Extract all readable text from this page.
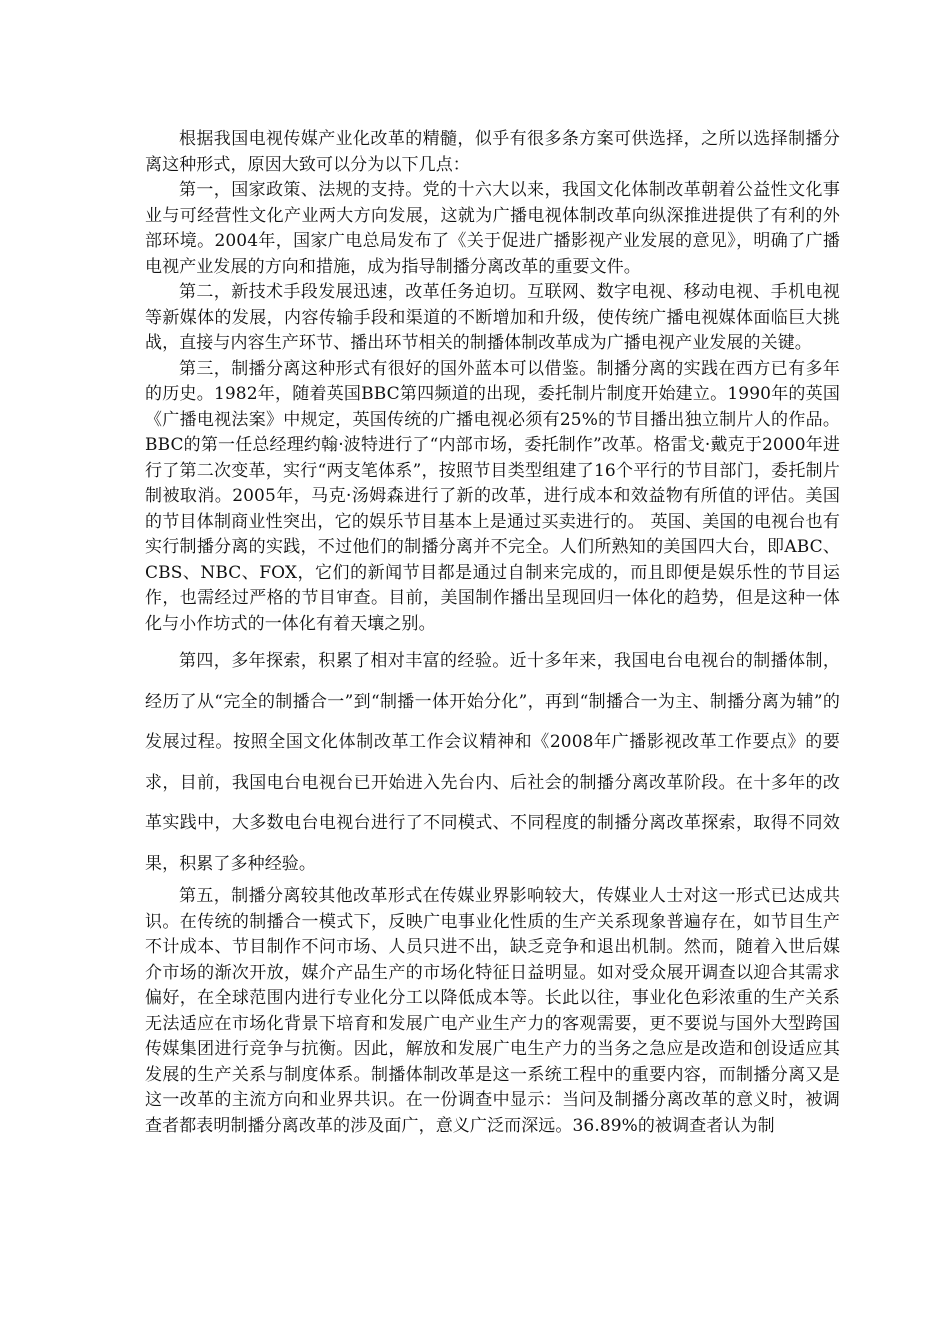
根据我国电视传媒产业化改革的精髓，似乎有很多条方案可供选择，之所以选择制播分离这种形式，原因大致可以分为以下几点：

第一，国家政策、法规的支持。党的十六大以来，我国文化体制改革朝着公益性文化事业与可经营性文化产业两大方向发展，这就为广播电视体制改革向纵深推进提供了有利的外部环境。2004年，国家广电总局发布了《关于促进广播影视产业发展的意见》，明确了广播电视产业发展的方向和措施，成为指导制播分离改革的重要文件。

第二，新技术手段发展迅速，改革任务迫切。互联网、数字电视、移动电视、手机电视等新媒体的发展，内容传输手段和渠道的不断增加和升级，使传统广播电视媒体面临巨大挑战，直接与内容生产环节、播出环节相关的制播体制改革成为广播电视产业发展的关键。

第三，制播分离这种形式有很好的国外蓝本可以借鉴。制播分离的实践在西方已有多年的历史。1982年，随着英国BBC第四频道的出现，委托制片制度开始建立。1990年的英国《广播电视法案》中规定，英国传统的广播电视必须有25%的节目播出独立制片人的作品。BBC的第一任总经理约翰·波特进行了“内部市场，委托制作”改革。格雷戈·戴克于2000年进行了第二次变革，实行“两支笔体系”，按照节目类型组建了16个平行的节目部门，委托制片制被取消。2005年，马克·汤姆森进行了新的改革，进行成本和效益物有所值的评估。美国的节目体制商业性突出，它的娱乐节目基本上是通过买卖进行的。 英国、美国的电视台也有实行制播分离的实践，不过他们的制播分离并不完全。人们所熟知的美国四大台，即ABC、CBS、NBC、FOX，它们的新闻节目都是通过自制来完成的，而且即便是娱乐性的节目运作，也需经过严格的节目审查。目前，美国制作播出呈现回归一体化的趋势，但是这种一体化与小作坊式的一体化有着天壤之别。

第四，多年探索，积累了相对丰富的经验。近十多年来，我国电台电视台的制播体制，经历了从“完全的制播合一”到“制播一体开始分化”，再到“制播合一为主、制播分离为辅”的发展过程。按照全国文化体制改革工作会议精神和《2008年广播影视改革工作要点》的要求，目前，我国电台电视台已开始进入先台内、后社会的制播分离改革阶段。在十多年的改革实践中，大多数电台电视台进行了不同模式、不同程度的制播分离改革探索，取得不同效果，积累了多种经验。

第五，制播分离较其他改革形式在传媒业界影响较大，传媒业人士对这一形式已达成共识。在传统的制播合一模式下，反映广电事业化性质的生产关系现象普遍存在，如节目生产不计成本、节目制作不问市场、人员只进不出，缺乏竞争和退出机制。然而，随着入世后媒介市场的渐次开放，媒介产品生产的市场化特征日益明显。如对受众展开调查以迎合其需求偏好，在全球范围内进行专业化分工以降低成本等。长此以往，事业化色彩浓重的生产关系无法适应在市场化背景下培育和发展广电产业生产力的客观需要，更不要说与国外大型跨国传媒集团进行竞争与抗衡。因此，解放和发展广电生产力的当务之急应是改造和创设适应其发展的生产关系与制度体系。制播体制改革是这一系统工程中的重要内容，而制播分离又是这一改革的主流方向和业界共识。在一份调查中显示：当问及制播分离改革的意义时，被调查者都表明制播分离改革的涉及面广，意义广泛而深远。36.89%的被调查者认为制
